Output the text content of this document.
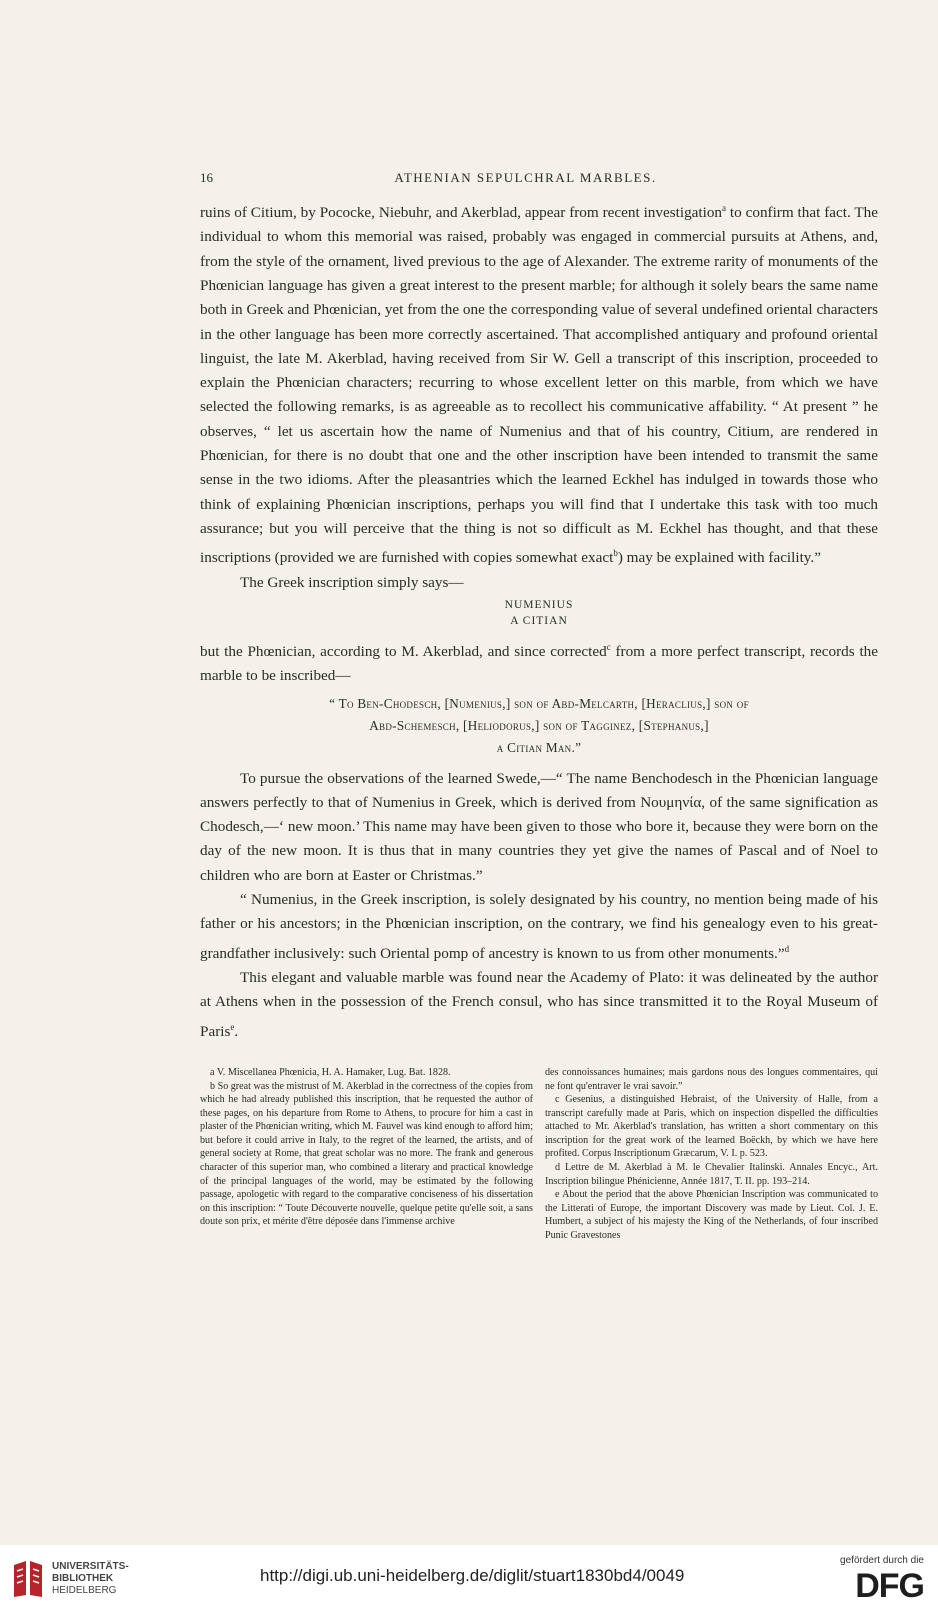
16	ATHENIAN SEPULCHRAL MARBLES.

ruins of Citium, by Pococke, Niebuhr, and Akerblad, appear from recent investigation$^a$ to confirm that fact. The individual to whom this memorial was raised, probably was engaged in commercial pursuits at Athens, and, from the style of the ornament, lived previous to the age of Alexander. The extreme rarity of monuments of the Phœnician language has given a great interest to the present marble; for although it solely bears the same name both in Greek and Phœnician, yet from the one the corresponding value of several undefined oriental characters in the other language has been more correctly ascertained. That accomplished antiquary and profound oriental linguist, the late M. Akerblad, having received from Sir W. Gell a transcript of this inscription, proceeded to explain the Phœnician characters; recurring to whose excellent letter on this marble, from which we have selected the following remarks, is as agreeable as to recollect his communicative affability. “ At present ” he observes, “ let us ascertain how the name of Numenius and that of his country, Citium, are rendered in Phœnician, for there is no doubt that one and the other inscription have been intended to transmit the same sense in the two idioms. After the pleasantries which the learned Eckhel has indulged in towards those who think of explaining Phœnician inscriptions, perhaps you will find that I undertake this task with too much assurance; but you will perceive that the thing is not so difficult as M. Eckhel has thought, and that these inscriptions (provided we are furnished with copies somewhat exact$^b$) may be explained with facility.”

The Greek inscription simply says—

NUMENIUS
A CITIAN

but the Phœnician, according to M. Akerblad, and since corrected$^c$ from a more perfect transcript, records the marble to be inscribed—

“ To Ben-Chodesch, [Numenius,] son of Abd-Melcarth, [Heraclius,] son of
Abd-Schemesch, [Heliodorus,] son of Tagginez, [Stephanus,]
a Citian Man.”

To pursue the observations of the learned Swede,—“ The name Benchodesch in the Phœnician language answers perfectly to that of Numenius in Greek, which is derived from Νουμηνία, of the same signification as Chodesch,—‘ new moon.’ This name may have been given to those who bore it, because they were born on the day of the new moon. It is thus that in many countries they yet give the names of Pascal and of Noel to children who are born at Easter or Christmas.”

“ Numenius, in the Greek inscription, is solely designated by his country, no mention being made of his father or his ancestors; in the Phœnician inscription, on the contrary, we find his genealogy even to his great-grandfather inclusively: such Oriental pomp of ancestry is known to us from other monuments.”$^d$

This elegant and valuable marble was found near the Academy of Plato: it was delineated by the author at Athens when in the possession of the French consul, who has since transmitted it to the Royal Museum of Paris$^e$.

a V. Miscellanea Phœnicia, H. A. Hamaker, Lug. Bat. 1828.

b So great was the mistrust of M. Akerblad in the correctness of the copies from which he had already published this inscription, that he requested the author of these pages, on his departure from Rome to Athens, to procure for him a cast in plaster of the Phœnician writing, which M. Fauvel was kind enough to afford him; but before it could arrive in Italy, to the regret of the learned, the artists, and of general society at Rome, that great scholar was no more. The frank and generous character of this superior man, who combined a literary and practical knowledge of the principal languages of the world, may be estimated by the following passage, apologetic with regard to the comparative conciseness of his dissertation on this inscription: “ Toute Découverte nouvelle, quelque petite qu'elle soit, a sans doute son prix, et mérite d'être déposée dans l'immense archive

des connoissances humaines; mais gardons nous des longues commentaires, qui ne font qu'entraver le vrai savoir.”

c Gesenius, a distinguished Hebraist, of the University of Halle, from a transcript carefully made at Paris, which on inspection dispelled the difficulties attached to Mr. Akerblad's translation, has written a short commentary on this inscription for the great work of the learned Boëckh, by which we have here profited. Corpus Inscriptionum Græcarum, V. I. p. 523.

d Lettre de M. Akerblad à M. le Chevalier Italinski. Annales Encyc., Art. Inscription bilingue Phénicienne, Année 1817, T. II. pp. 193–214.

e About the period that the above Phœnician Inscription was communicated to the Litterati of Europe, the important Discovery was made by Lieut. Col. J. E. Humbert, a subject of his majesty the King of the Netherlands, of four inscribed Punic Gravestones

UNIVERSITÄTS-
BIBLIOTHEK
HEIDELBERG
http://digi.ub.uni-heidelberg.de/diglit/stuart1830bd4/0049
gefördert durch die
DFG
